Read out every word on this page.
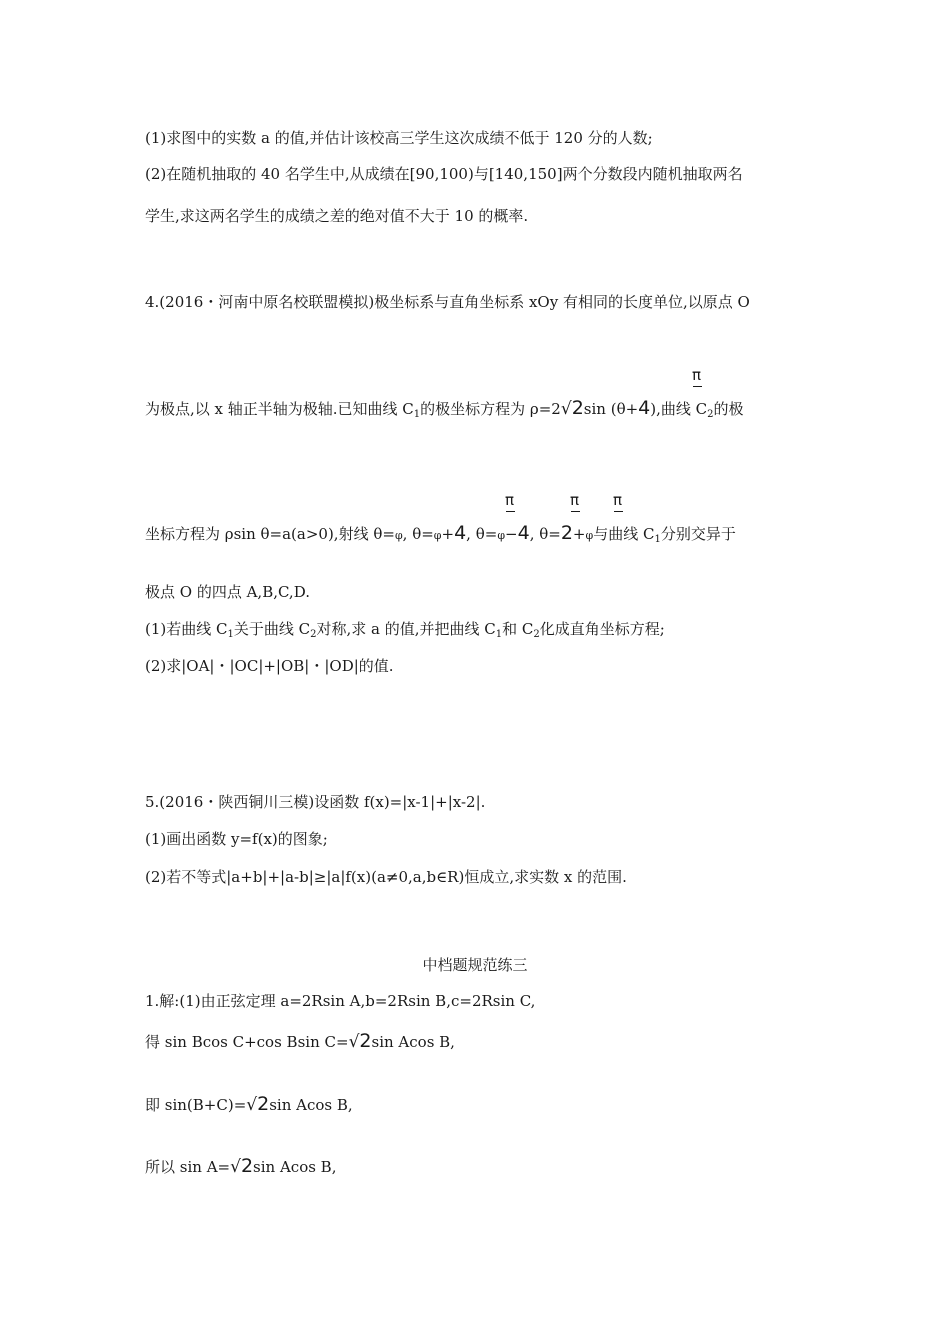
(1)求图中的实数 a 的值,并估计该校高三学生这次成绩不低于 120 分的人数;
(2)在随机抽取的 40 名学生中,从成绩在[90,100)与[140,150]两个分数段内随机抽取两名
学生,求这两名学生的成绩之差的绝对值不大于 10 的概率.
4.(2016・河南中原名校联盟模拟)极坐标系与直角坐标系 xOy 有相同的长度单位,以原点 O
π
为极点,以 x 轴正半轴为极轴.已知曲线 $C_1$的极坐标方程为 ρ=2√2sin (θ+4),曲线 $C_2$的极
π	π π
坐标方程为 ρsin θ=a(a>0),射线 θ=φ, θ=φ+4, θ=φ−4, θ=2+φ与曲线 $C_1$分别交异于
极点 O 的四点 A,B,C,D.
(1)若曲线 $C_1$关于曲线 $C_2$对称,求 a 的值,并把曲线 $C_1$和 $C_2$化成直角坐标方程;
(2)求|OA|・|OC|+|OB|・|OD|的值.
5.(2016・陕西铜川三模)设函数 f(x)=|x-1|+|x-2|.
(1)画出函数 y=f(x)的图象;
(2)若不等式|a+b|+|a-b|≥|a|f(x)(a≠0,a,b∈R)恒成立,求实数 x 的范围.
中档题规范练三
1.解:(1)由正弦定理 a=2Rsin A,b=2Rsin B,c=2Rsin C,
得 sin Bcos C+cos Bsin C=√2sin Acos B,
即 sin(B+C)=√2sin Acos B,
所以 sin A=√2sin Acos B,
